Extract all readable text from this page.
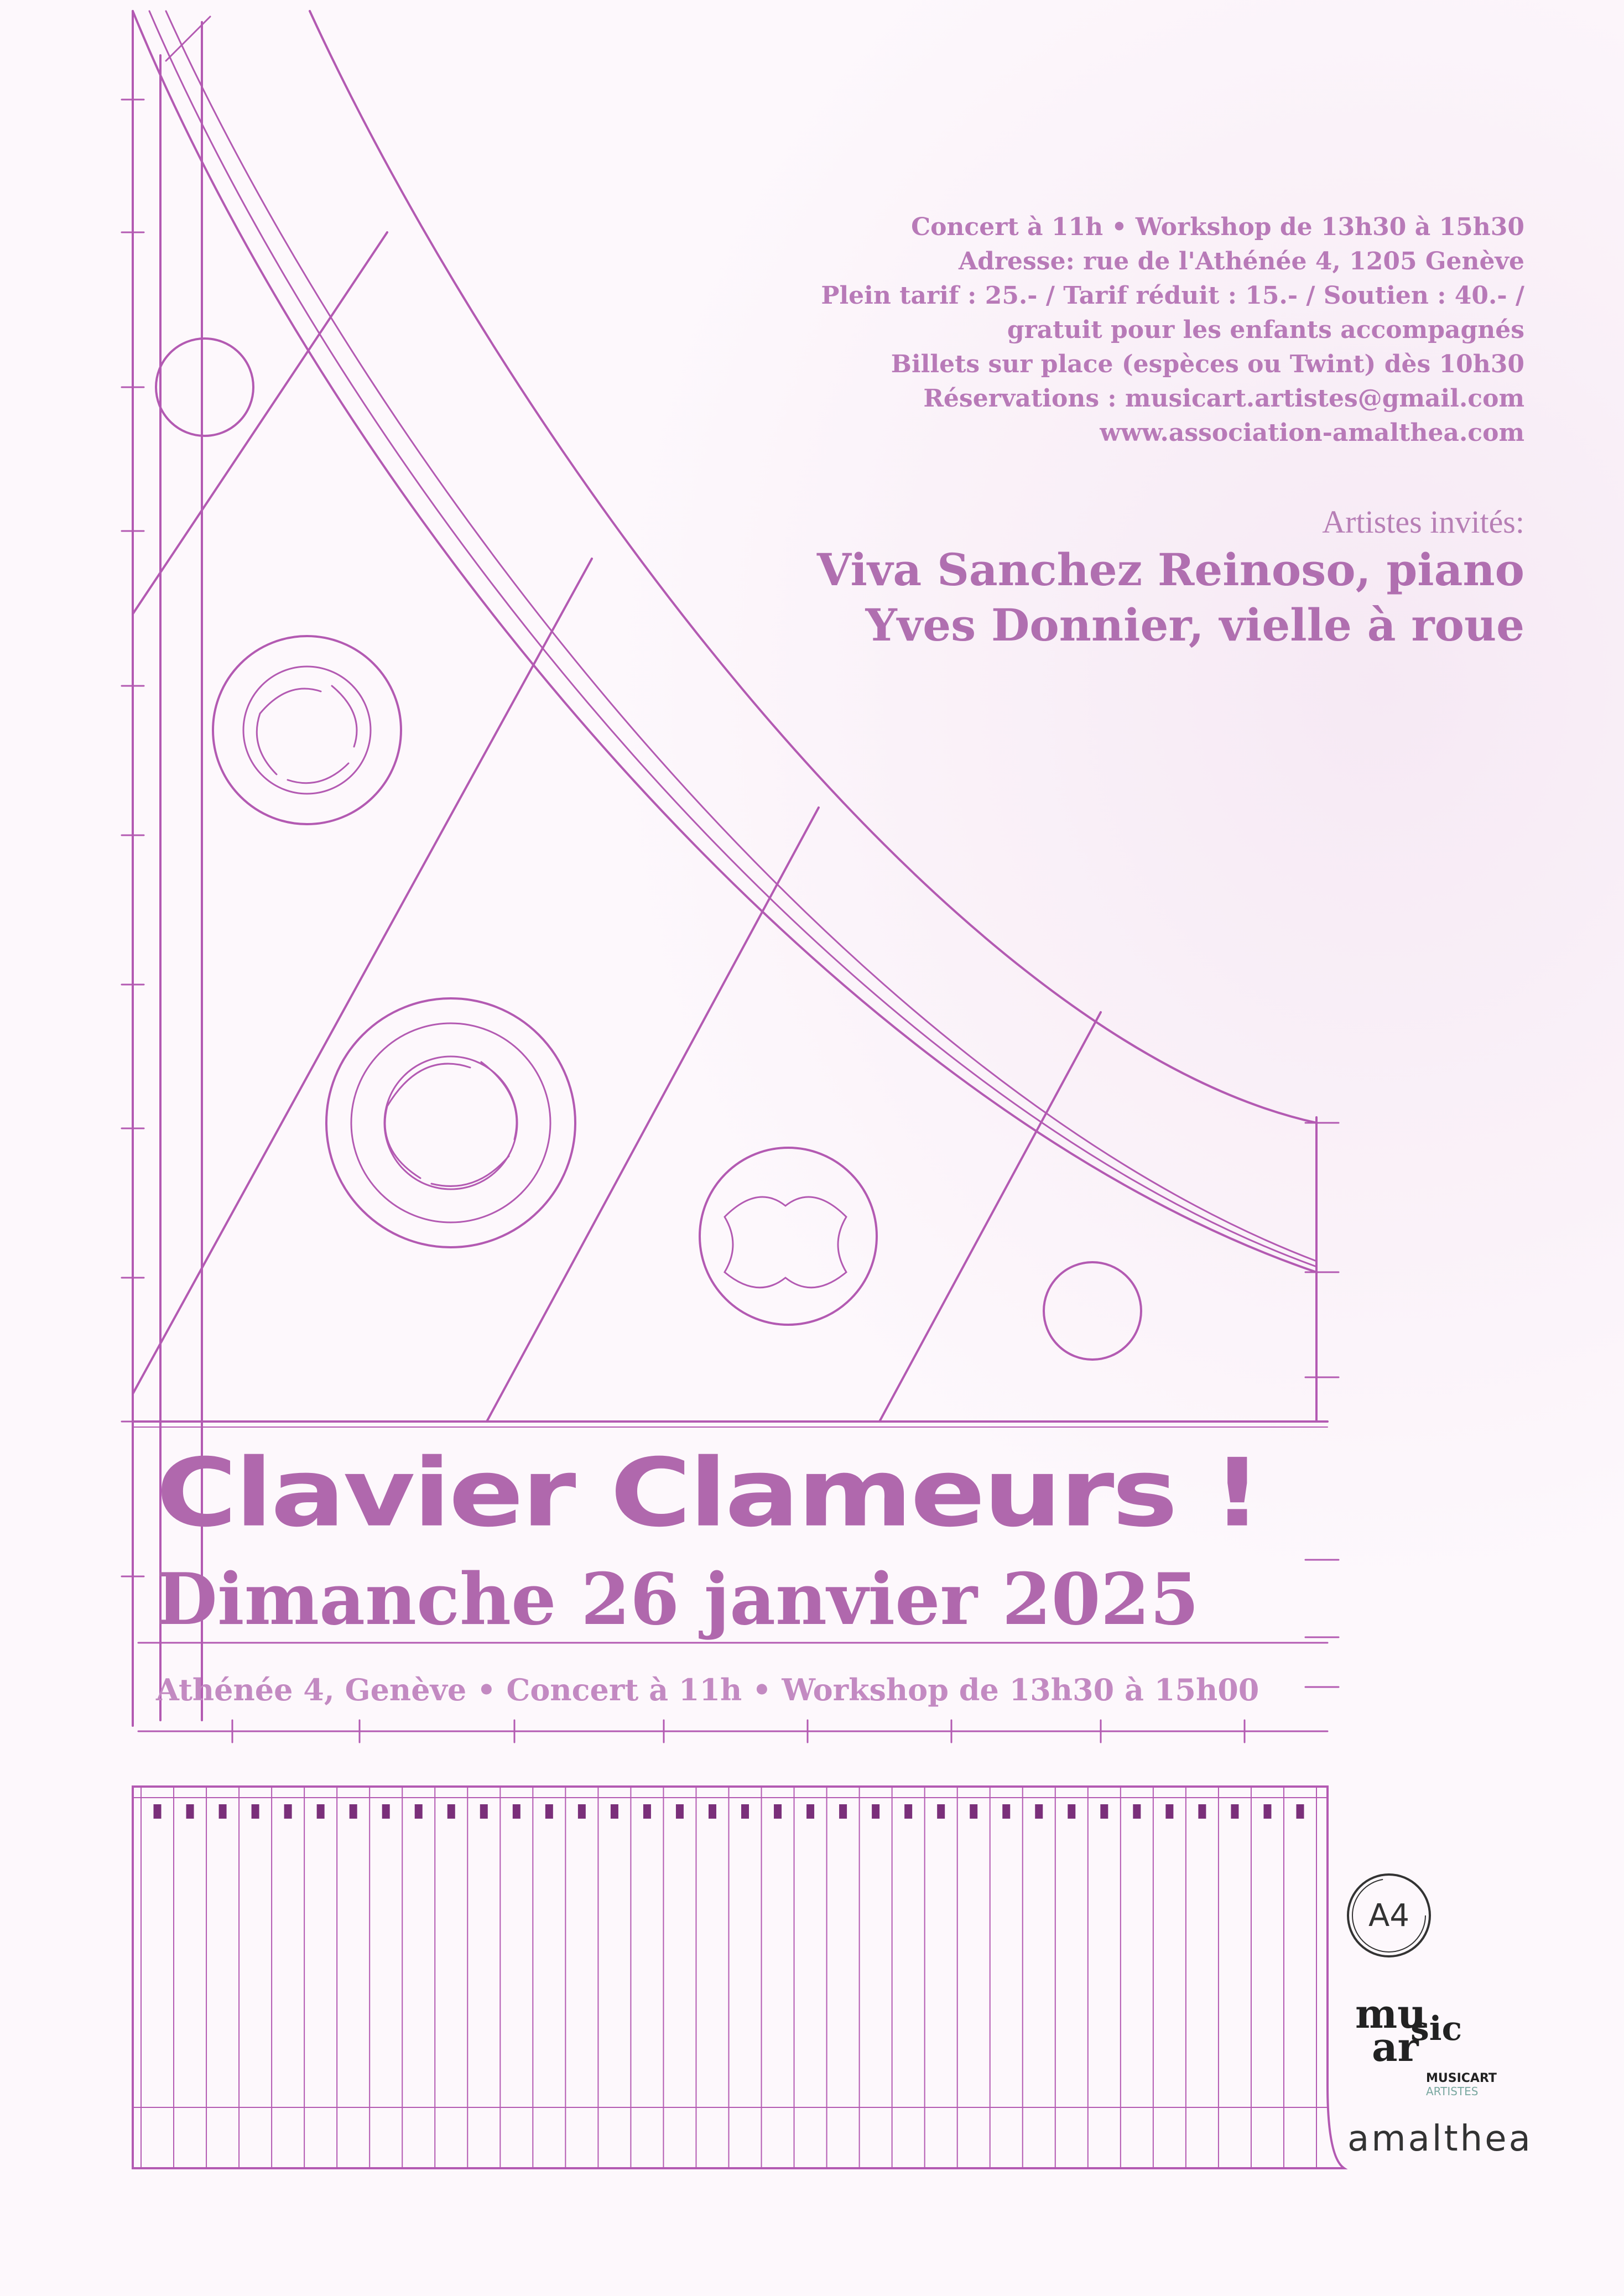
Concert à 11h • Workshop de 13h30 à 15h30
Adresse: rue de l'Athénée 4, 1205 Genève
Plein tarif : 25.- / Tarif réduit : 15.- / Soutien : 40.- /
gratuit pour les enfants accompagnés
Billets sur place (espèces ou Twint) dès 10h30
Réservations : musicart.artistes@gmail.com
www.association-amalthea.com
Artistes invités:
Viva Sanchez Reinoso, piano
Yves Donnier, vielle à roue
Clavier Clameurs !
Dimanche 26 janvier 2025
Athénée 4, Genève • Concert à 11h • Workshop de 13h30 à 15h00
A4
mu
ar
sic
MUSICART
ARTISTES
amalthea
